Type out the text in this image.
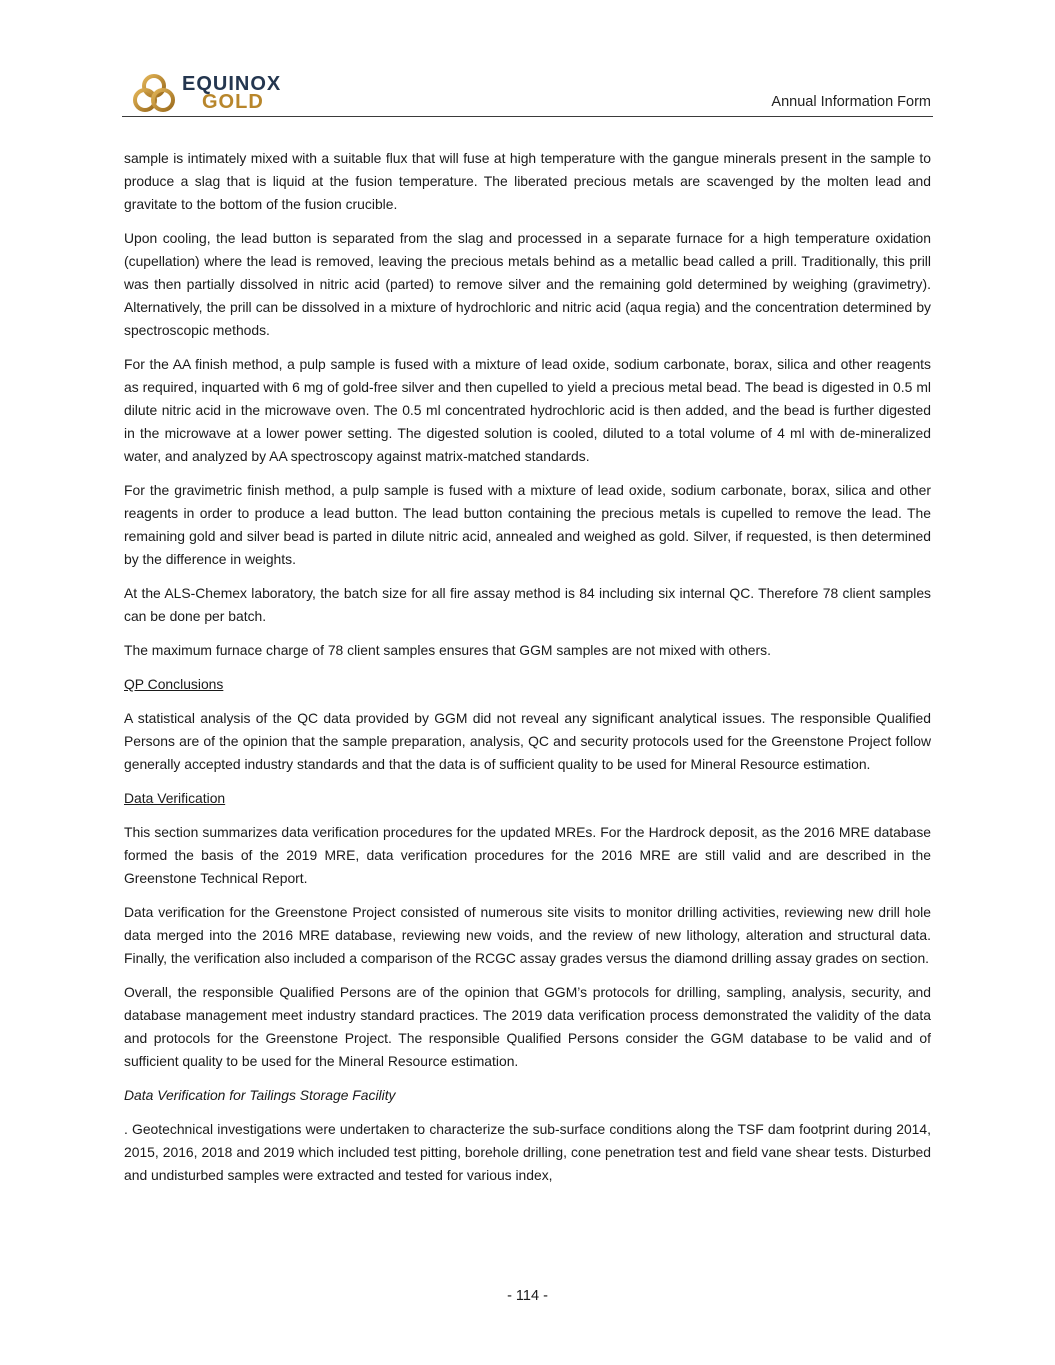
EQUINOX
GOLD	Annual Information Form

sample is intimately mixed with a suitable flux that will fuse at high temperature with the gangue minerals present in the sample to produce a slag that is liquid at the fusion temperature. The liberated precious metals are scavenged by the molten lead and gravitate to the bottom of the fusion crucible.

Upon cooling, the lead button is separated from the slag and processed in a separate furnace for a high temperature oxidation (cupellation) where the lead is removed, leaving the precious metals behind as a metallic bead called a prill. Traditionally, this prill was then partially dissolved in nitric acid (parted) to remove silver and the remaining gold determined by weighing (gravimetry). Alternatively, the prill can be dissolved in a mixture of hydrochloric and nitric acid (aqua regia) and the concentration determined by spectroscopic methods.

For the AA finish method, a pulp sample is fused with a mixture of lead oxide, sodium carbonate, borax, silica and other reagents as required, inquarted with 6 mg of gold-free silver and then cupelled to yield a precious metal bead. The bead is digested in 0.5 ml dilute nitric acid in the microwave oven. The 0.5 ml concentrated hydrochloric acid is then added, and the bead is further digested in the microwave at a lower power setting. The digested solution is cooled, diluted to a total volume of 4 ml with de-mineralized water, and analyzed by AA spectroscopy against matrix-matched standards.

For the gravimetric finish method, a pulp sample is fused with a mixture of lead oxide, sodium carbonate, borax, silica and other reagents in order to produce a lead button. The lead button containing the precious metals is cupelled to remove the lead. The remaining gold and silver bead is parted in dilute nitric acid, annealed and weighed as gold. Silver, if requested, is then determined by the difference in weights.

At the ALS-Chemex laboratory, the batch size for all fire assay method is 84 including six internal QC. Therefore 78 client samples can be done per batch.

The maximum furnace charge of 78 client samples ensures that GGM samples are not mixed with others.

QP Conclusions

A statistical analysis of the QC data provided by GGM did not reveal any significant analytical issues. The responsible Qualified Persons are of the opinion that the sample preparation, analysis, QC and security protocols used for the Greenstone Project follow generally accepted industry standards and that the data is of sufficient quality to be used for Mineral Resource estimation.

Data Verification

This section summarizes data verification procedures for the updated MREs. For the Hardrock deposit, as the 2016 MRE database formed the basis of the 2019 MRE, data verification procedures for the 2016 MRE are still valid and are described in the Greenstone Technical Report.

Data verification for the Greenstone Project consisted of numerous site visits to monitor drilling activities, reviewing new drill hole data merged into the 2016 MRE database, reviewing new voids, and the review of new lithology, alteration and structural data. Finally, the verification also included a comparison of the RCGC assay grades versus the diamond drilling assay grades on section.

Overall, the responsible Qualified Persons are of the opinion that GGM’s protocols for drilling, sampling, analysis, security, and database management meet industry standard practices. The 2019 data verification process demonstrated the validity of the data and protocols for the Greenstone Project. The responsible Qualified Persons consider the GGM database to be valid and of sufficient quality to be used for the Mineral Resource estimation.

Data Verification for Tailings Storage Facility

. Geotechnical investigations were undertaken to characterize the sub-surface conditions along the TSF dam footprint during 2014, 2015, 2016, 2018 and 2019 which included test pitting, borehole drilling, cone penetration test and field vane shear tests. Disturbed and undisturbed samples were extracted and tested for various index,

- 114 -
